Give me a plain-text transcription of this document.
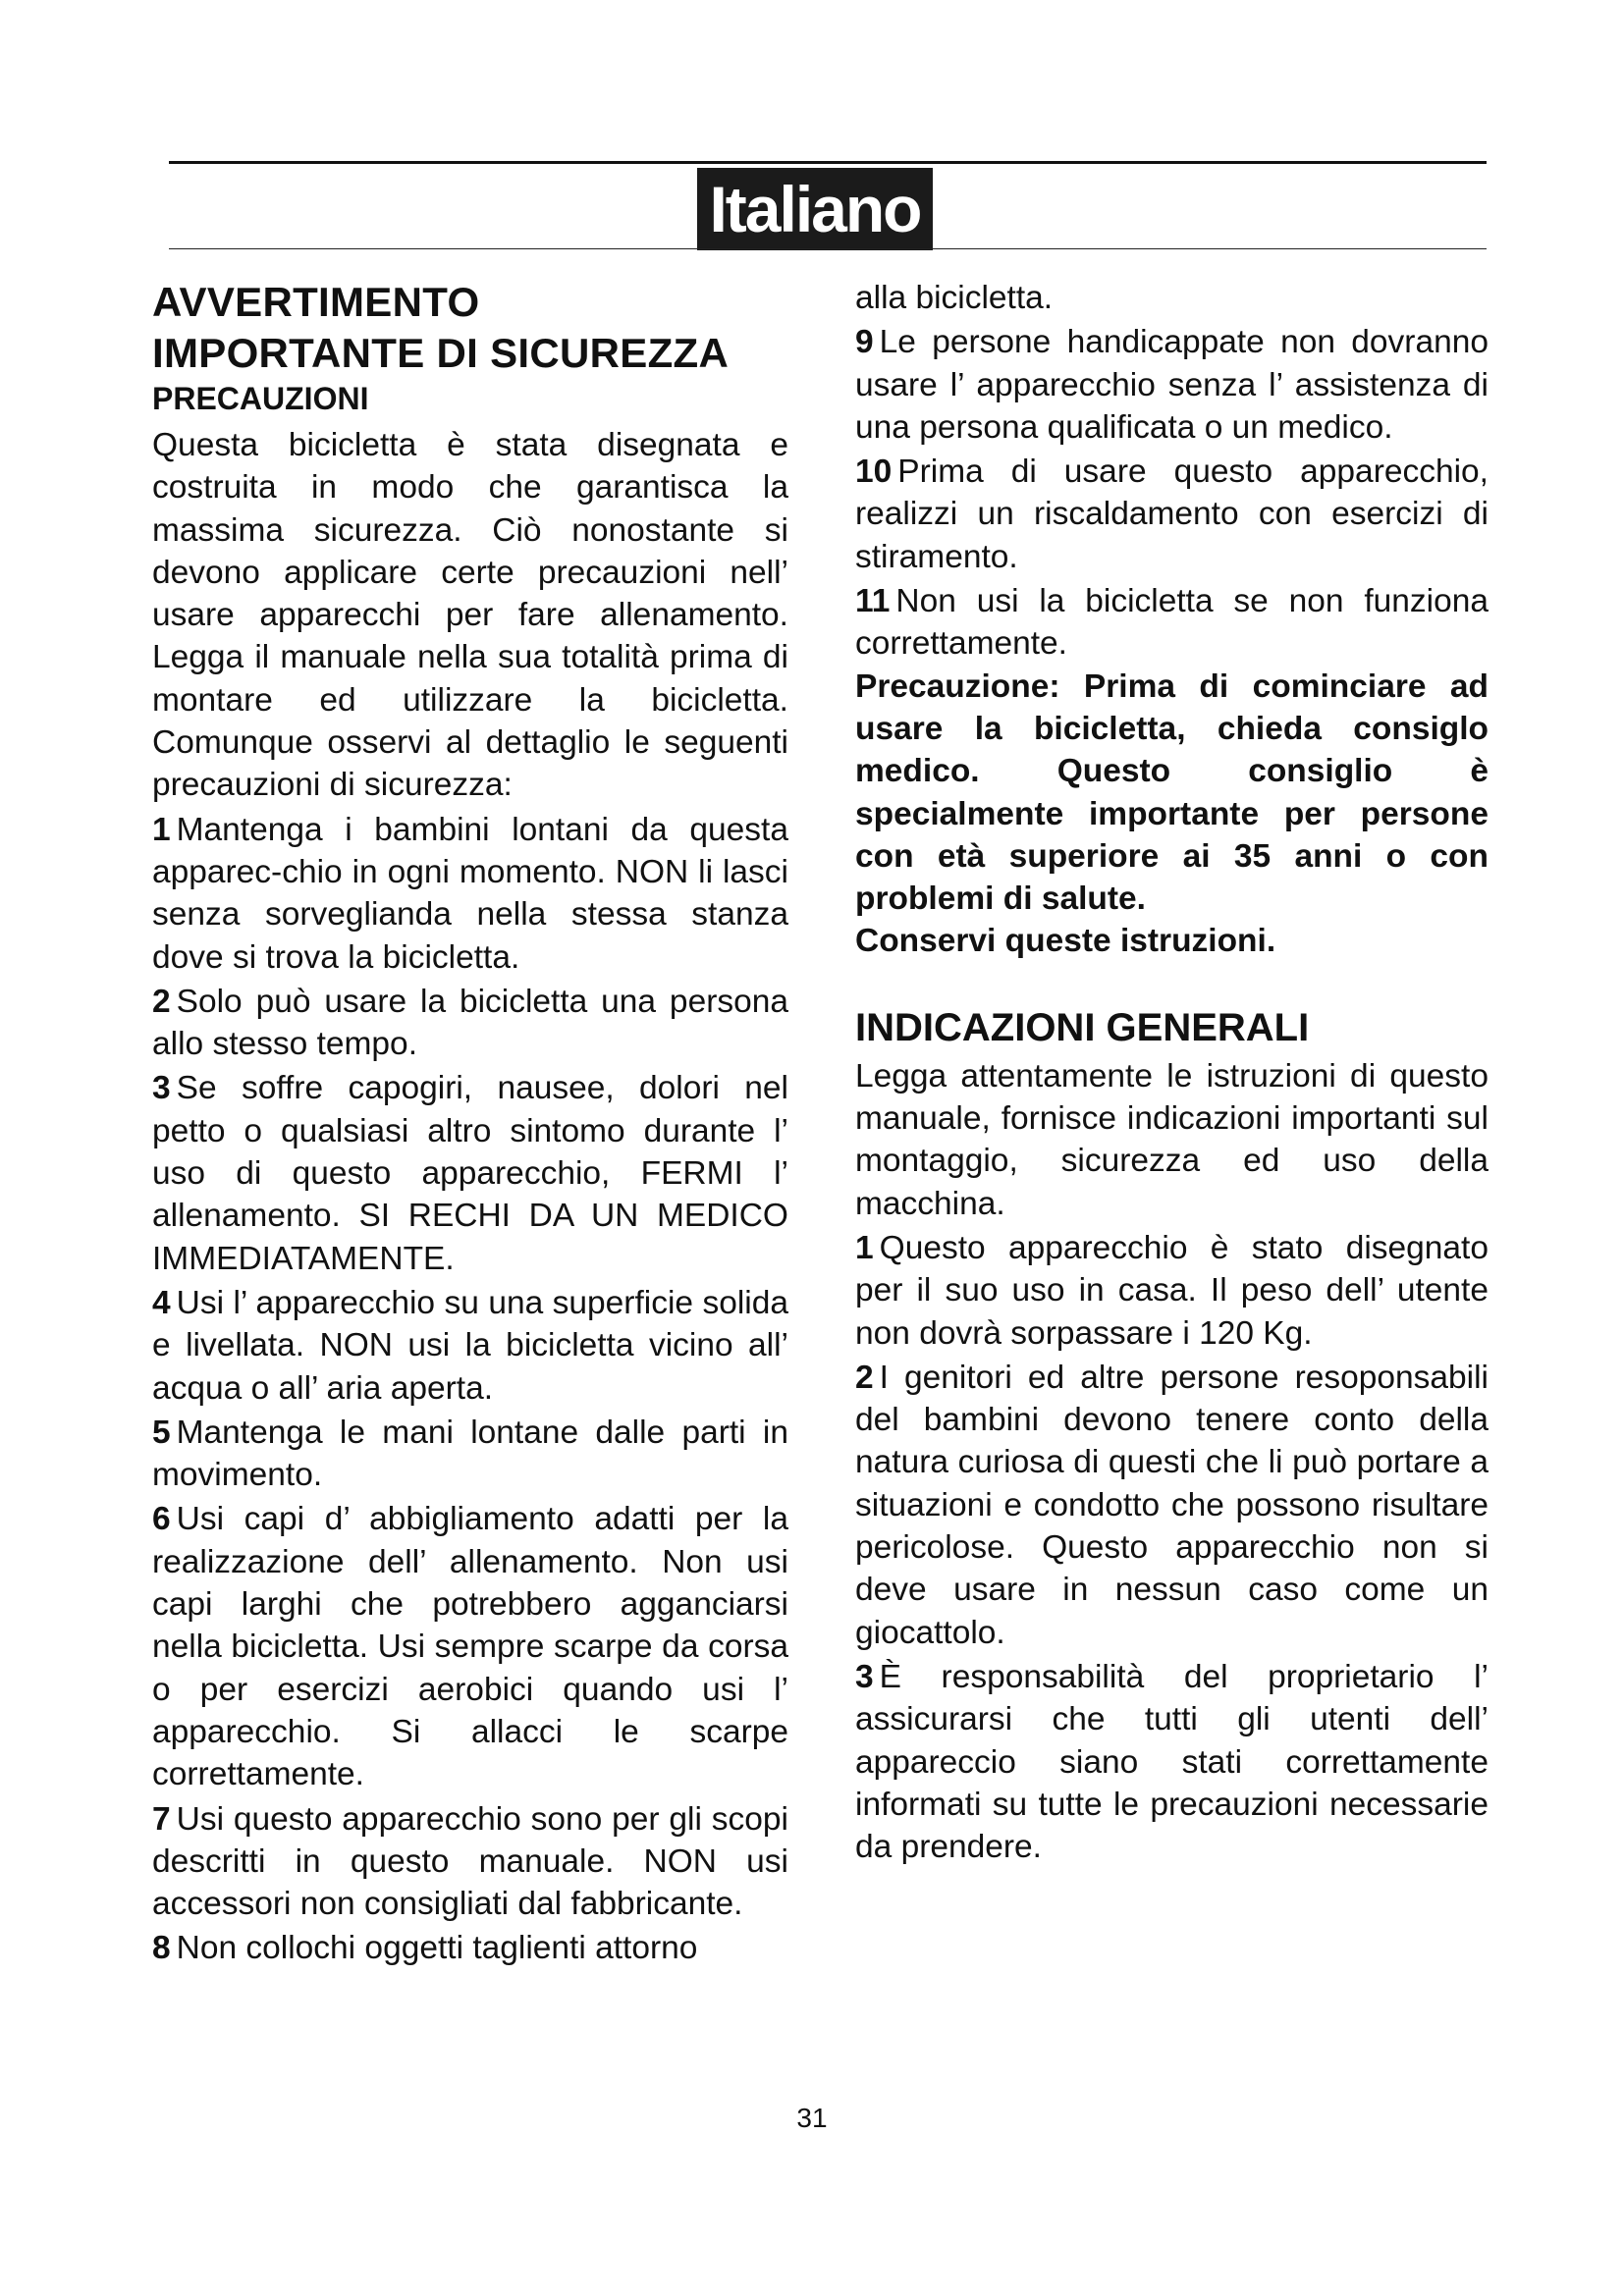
Italiano
AVVERTIMENTO
IMPORTANTE DI SICUREZZA
PRECAUZIONI

Questa bicicletta è stata disegnata e costruita in modo che garantisca la massima sicurezza. Ciò nonostante si devono applicare certe precauzioni nell’ usare apparecchi per fare allenamento. Legga il manuale nella sua totalità prima di montare ed utilizzare la bicicletta. Comunque osservi al dettaglio le seguenti precauzioni di sicurezza:

1 Mantenga i bambini lontani da questa apparec-chio in ogni momento. NON li lasci senza sorveglianda nella stessa stanza dove si trova la bicicletta.

2 Solo può usare la bicicletta una persona allo stesso tempo.

3 Se soffre capogiri, nausee, dolori nel petto o qualsiasi altro sintomo durante l’ uso di questo apparecchio, FERMI l’ allenamento. SI RECHI DA UN MEDICO IMMEDIATAMENTE.

4 Usi l’ apparecchio su una superficie solida e livellata. NON usi la bicicletta vicino all’ acqua o all’ aria aperta.

5 Mantenga le mani lontane dalle parti in movimento.

6 Usi capi d’ abbigliamento adatti per la realizzazione dell’ allenamento. Non usi capi larghi che potrebbero agganciarsi nella bicicletta. Usi sempre scarpe da corsa o per esercizi aerobici quando usi l’ apparecchio. Si allacci le scarpe correttamente.

7 Usi questo apparecchio sono per gli scopi descritti in questo manuale. NON usi accessori non consigliati dal fabbricante.

8 Non collochi oggetti taglienti attorno

alla bicicletta.

9 Le persone handicappate non dovranno usare l’ apparecchio senza l’ assistenza di una persona qualificata o un medico.

10 Prima di usare questo apparecchio, realizzi un riscaldamento con esercizi di stiramento.

11 Non usi la bicicletta se non funziona correttamente.

Precauzione: Prima di cominciare ad usare la bicicletta, chieda consiglo medico. Questo consiglio è specialmente importante per persone con età superiore ai 35 anni o con problemi di salute.

Conservi queste istruzioni.

INDICAZIONI GENERALI

Legga attentamente le istruzioni di questo manuale, fornisce indicazioni importanti sul montaggio, sicurezza ed uso della macchina.

1 Questo apparecchio è stato disegnato per il suo uso in casa. Il peso dell’ utente non dovrà sorpassare i 120 Kg.

2 I genitori ed altre persone resoponsabili del bambini devono tenere conto della natura curiosa di questi che li può portare a situazioni e condotto che possono risultare pericolose. Questo apparecchio non si deve usare in nessun caso come un giocattolo.

3 È responsabilità del proprietario l’ assicurarsi che tutti gli utenti dell’ apparеccio siano stati correttamente informati su tutte le precauzioni necessarie da prendere.

31
